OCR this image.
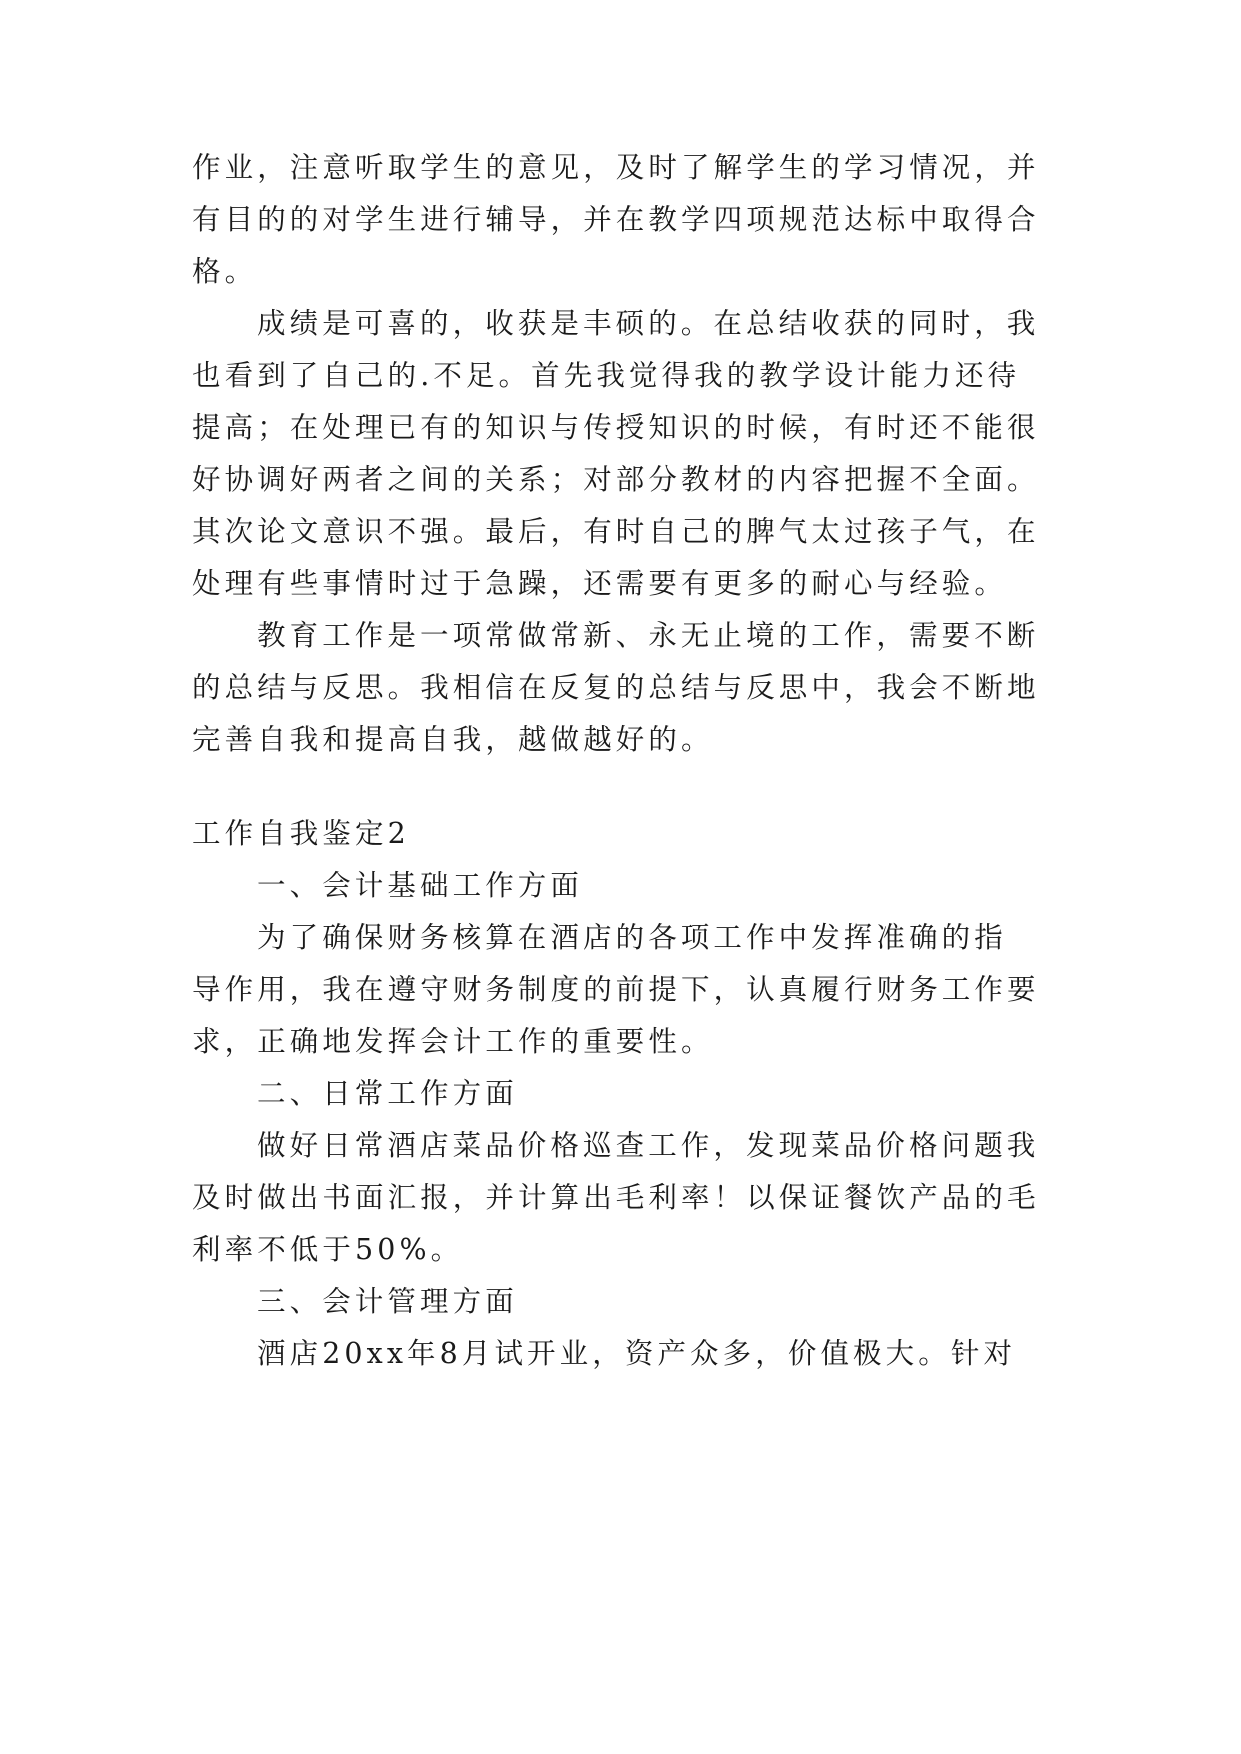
作业，注意听取学生的意见，及时了解学生的学习情况，并
有目的的对学生进行辅导，并在教学四项规范达标中取得合
格。
成绩是可喜的，收获是丰硕的。在总结收获的同时，我
也看到了自己的.不足。首先我觉得我的教学设计能力还待
提高；在处理已有的知识与传授知识的时候，有时还不能很
好协调好两者之间的关系；对部分教材的内容把握不全面。
其次论文意识不强。最后，有时自己的脾气太过孩子气，在
处理有些事情时过于急躁，还需要有更多的耐心与经验。
教育工作是一项常做常新、永无止境的工作，需要不断
的总结与反思。我相信在反复的总结与反思中，我会不断地
完善自我和提高自我，越做越好的。
工作自我鉴定2
一、会计基础工作方面
为了确保财务核算在酒店的各项工作中发挥准确的指
导作用，我在遵守财务制度的前提下，认真履行财务工作要
求，正确地发挥会计工作的重要性。
二、日常工作方面
做好日常酒店菜品价格巡查工作，发现菜品价格问题我
及时做出书面汇报，并计算出毛利率！以保证餐饮产品的毛
利率不低于50%。
三、会计管理方面
酒店20xx年8月试开业，资产众多，价值极大。针对
